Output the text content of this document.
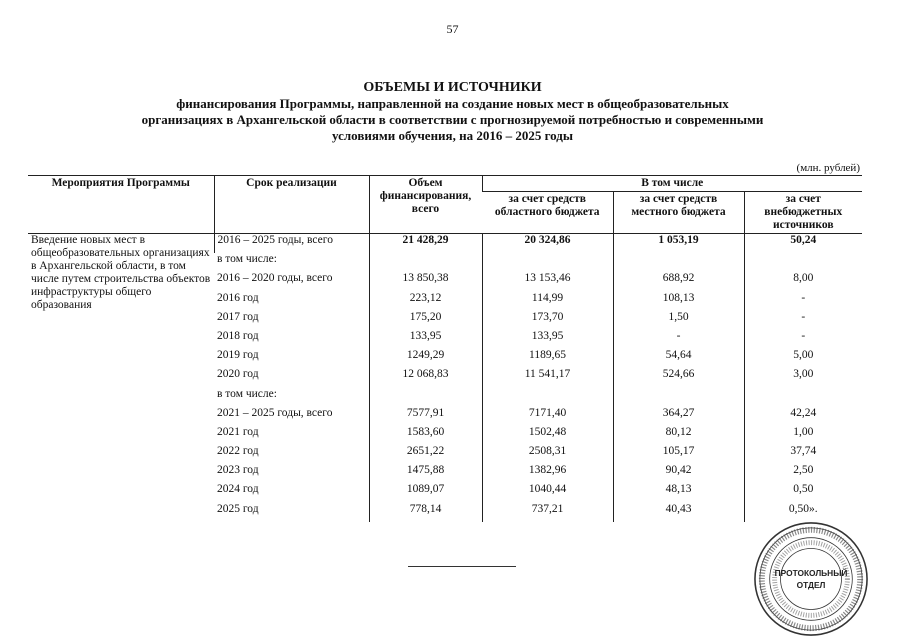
57
ОБЪЕМЫ И ИСТОЧНИКИ
финансирования Программы, направленной на создание новых мест в общеобразовательных
организациях в Архангельской области в соответствии с прогнозируемой потребностью и современными
условиями обучения, на 2016 – 2025 годы
(млн. рублей)
Мероприятия Программы	Срок реализации	Объем финансирования, всего	В том числе		
			за счет средств областного бюджета	за счет средств местного бюджета	за счет внебюджетных источников
Введение новых мест в общеобразовательных организациях в Архангельской области, в том числе путем строительства объектов инфраструктуры общего образования	2016 – 2025 годы, всего	21 428,29	20 324,86	1 053,19	50,24
	в том числе:				
	2016 – 2020 годы, всего	13 850,38	13 153,46	688,92	8,00
	2016 год	223,12	114,99	108,13	-
	2017 год	175,20	173,70	1,50	-
	2018 год	133,95	133,95	-	-
	2019 год	1249,29	1189,65	54,64	5,00
	2020 год	12 068,83	11 541,17	524,66	3,00
	в том числе:				
	2021 – 2025 годы, всего	7577,91	7171,40	364,27	42,24
	2021 год	1583,60	1502,48	80,12	1,00
	2022 год	2651,22	2508,31	105,17	37,74
	2023 год	1475,88	1382,96	90,42	2,50
	2024 год	1089,07	1040,44	48,13	0,50
	2025 год	778,14	737,21	40,43	0,50».
ПРОТОКОЛЬНЫЙ
ОТДЕЛ
